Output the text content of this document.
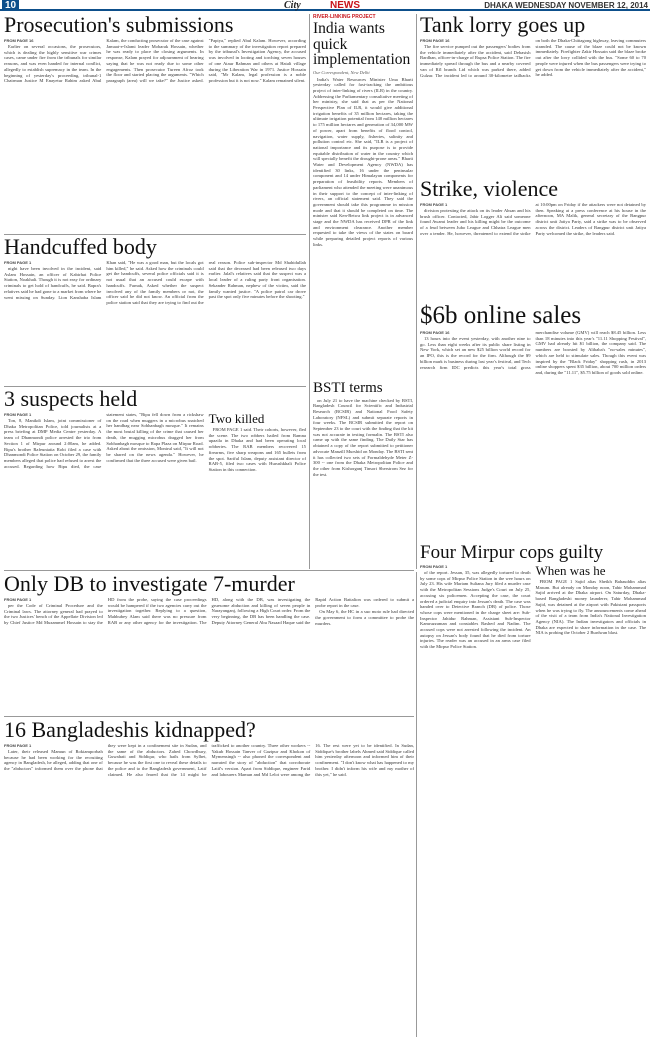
10	City	NEWS	DHAKA WEDNESDAY NOVEMBER 12, 2014
Prosecution's submissions
FROM PAGE 16

Earlier on several occasions, the prosecutors, which is dealing the highly sensitive war crimes cases, came under fire from the tribunals for similar reasons, and was even handed for internal conflict, allegedly to establish supremacy in the team. In the beginning of yesterday's proceeding, tribunal-1 Chairman Justice M Enayetur Rahim asked Abul Kalam, the conducting prosecutor of the case against Jamaat-e-Islami leader Mobarak Hossain, whether he was ready to place the closing arguments. In response, Kalam prayed for adjournment of hearing saying that he was not ready due to some other engagements. Then prosecutor Tureen Afroz took the floor and started placing the arguments. "Which paragraph (area) will we take?" the Justice asked. "Papiya," replied Abul Kalam. However, according to the summary of the investigation report prepared by the tribunal's Investigation Agency, the accused was involved in looting and torching seven houses of one Ataur Rahman and others at Hatali village during the Liberation War in 1971. Justice Hossain said, "Mr Kalam, legal profession is a noble profession but it is not now." Kalam remained silent.

RIVER-LINKING PROJECT
India wants quick implementation
Our Correspondent, New Delhi

India's Water Resources Minister Uma Bharti yesterday called for fast-tracking the ambitious project of inter-linking of rivers (ILR) in the country. Addressing the Parliamentary consultative meeting of her ministry, she said that as per the National Perspective Plan of ILR, it would give additional irrigation benefits of 35 million hectares, taking the ultimate irrigation potential from 140 million hectares to 175 million hectares and generation of 34,000 MW of power, apart from benefits of flood control, navigation, water supply, fisheries, salinity and pollution control etc. She said, "ILR is a project of national importance and its purpose is to provide equitable distribution of water in the country which will specially benefit the drought-prone areas." Bharti Water and Development Agency (NWDA) has identified 30 links, 16 under the peninsular component and 14 under Himalayan components for preparation of feasibility reports. Members of parliament who attended the meeting were unanimous in their support to the concept of inter-linking of rivers, an official statement said. They said the government should take this programme in mission mode and that it should be completed on time. The minister said Ken-Betwa link project is in advanced stage and the NWDA has received DPR of the link and environment clearance. Another member requested to take the views of the states on board while preparing detailed project reports of various links.

BSTI terms

on July 21 to have the machine checked by BSTI, Bangladesh Council for Scientific and Industrial Research (BCSIR) and National Food Safety Laboratory (NFSL) and submit separate reports in four weeks. The BCSIR submitted the report on September 23 to the court with the finding that the kit was not accurate in testing formalin. The BSTI also came up with the same finding. The Daily Star has obtained a copy of the report submitted to petitioner advocate Manzill Murshid on Monday. The BSTI sent it has collected two sets of Formaldehyde Meter Z-300 -- one from the Dhaka Metropolitan Police and the other from Kishorganj Tinsori Sherstrom Sez for the test.

Tank lorry goes up
FROM PAGE 16

The fire service pumped out the passengers' bodies from the vehicle immediately after the accident, said Debasish Bardhan, officer-in-charge of Rupsa Police Station. The fire immediately spread through the bus and a nearby covered van of Rfl brands Ltd which was parked there, added Gulzar. The incident led to around 30-kilometre tailbacks on both the Dhaka-Chittagong highway, leaving commuters stranded. The cause of the blaze could not be known immediately. Firefighter Zakir Hossain said the blaze broke out after the lorry collided with the bus. "Some 60 to 70 people were injured when the bus passengers were trying to get down from the vehicle immediately after the accident," he added.

Strike, violence
FROM PAGE 1

division protesting the attack on its leader Ahsan and his brush officer. Contacted, Jabir Logger Ali said someone found Awami leader and his killing might be the outcome of a feud between Jubo League and Chhatra League men over a tender. He, however, threatened to extend the strike at 10:00pm on Friday if the attackers were not detained by then. Speaking at a press conference at his house in the afternoon, MA Malik, general secretary of the Bangpur district unit Jatiya Party, said a strike was to be observed across the district. Leaders of Bangpur district unit Jatiya Party welcomed the strike, the leaders said.

$6b online sales
FROM PAGE 16

13 hours into the event yesterday, with another nine to go. Less than eight weeks after its public share listing in New York, which set an new $25 billion world record for an IPO, this is the record for the firm. Although the $9 billion mark is business during last year's festival, and Tech research firm IDC predicts this year's total gross merchandise volume (GMV) will reach $8.45 billion. Less than 18 minutes into this year's "11.11 Shopping Festival", GMV had already hit $1 billion, the company said. The numbers are boosted by Alibaba's "no-sales minutes", which are held to stimulate sales. Though this event was inspired by the "Black Friday" shopping rush, in 2013 online shoppers spent $35 billion, about 700 million orders and, during the "11.11", $5.75 billion of goods sold online.

Four Mirpur cops guilty
FROM PAGE 1

of the report. Jessan, 35, was allegedly tortured to death by some cops of Mirpur Police Station in the wee hours on July 23. His wife Mariam Sultana Jury filed a murder case with the Metropolitan Sessions Judge's Court on July 25, accusing six policemen. Accepting the case, the court ordered a judicial enquiry into Jessan's death. The case was handed over to Detective Branch (DB) of police. Those whose cops were mentioned in the charge sheet are: Sub-Inspector Jahidur Rahman, Assistant Sub-Inspector Kamruzzaman and constables Rashed and Nadim. The accused cops were not arrested following the incident. An autopsy on Jessan's body found that he died from torture injuries. The reader was an accused in an arms case filed with the Mirpur Police Station.

When was he

FROM PAGE 1 Sajid alias Sheikh Bahauddin alias Masum. But already on Monday noon, Tahir Mohammad Sajid arrived at the Dhaka airport. On Saturday, Dhaka-based Bangladeshi money launderer, Tahir Mohammad Sajid, was detained at the airport with Pakistani passports when he was trying to fly. The announcements come ahead of the visit of a team from India's National Investigation Agency (NIA). The Indian investigators and officials in Dhaka are expected to share information in the case. The NIA is probing the October 2 Burdwan blast.

Handcuffed body
FROM PAGE 1

night have been involved in the incident, said Aslam Hossain, an officer of Kabirhat Police Station, Noakhali. Though it is not easy for ordinary criminals to get hold of handcuffs, he said. Bapra's relatives said he had gone to a market from where he went missing on Sunday. Lion Kanshaba Islam Khan said, "He was a good man, but the locals got him killed," he said. Asked how the criminals could get the handcuffs, several police officials said it is not usual that an accused could escape with handcuffs. Farnak, Asked whether the suspect involved any of the family members or not, the officer said he did not know. An official from the police station said that they are trying to find out the real reason. Police sub-inspector Md Shahidullah said that the deceased had been released two days earlier. Jalal's relatives said that the suspect was a local leader of a ruling party front organisation. Sekander Rahman, nephew of the victim, said the family wanted justice. "A police patrol car drove past the spot only five minutes before the shooting."

3 suspects held
FROM PAGE 1

Ton, 8, Manikdi Islam, joint commissioner of Dhaka Metropolitan Police, told journalists at a press briefing at DMP Media Centre yesterday. A team of Dhanmondi police arrested the trio from Section 1 of Mirpur around 2:00am, he added. Bipu's brother Rafeuniatia Robi filed a case with Dhanmondi Police Station on October 29, the family members alleged that police had refused to arrest the accused. Regarding how Bipu died, the case statement states, "Bipu fell down from a rickshaw on the road when muggers in a microbus snatched her handbag near Sobhanbagh mosque." It remains the most brutal killing of the crime that caused her death, the mugging microbus dragged her from Sobhanbagh mosque to Rapa Plaza on Mirpur Road. Asked about the omission, Monirul said, "It will not be shared on the news agenda." However, he confirmed that the three accused were given bail.

Two killed

FROM PAGE 1 said. Their cohorts, however, fled the scene. The two robbers hailed from Ramna upazila in Dhaka and had been operating local robberies. The RAB members recovered 15 firearms, five sharp weapons and 165 bullets from the spot. Sariful Islam, deputy assistant director of RAB-5, filed two cases with Hurushkhali Police Station in this connection.

Only DB to investigate 7-murder
FROM PAGE 1

per the Code of Criminal Procedure and the Criminal laws. The attorney general had prayed to the two Justices' bench of the Appellate Division led by Chief Justice Md Muzammel Hossain to stay the HD from the probe, saying the case proceedings would be hampered if the two agencies carry out the investigation together. Replying to a question, Mahbubey Alam said there was no pressure from RAB or any other agency for the investigation. The HD, along with the DB, was investigating the gruesome abduction and killing of seven people in Narayanganj, following a High Court order. From the very beginning, the DB has been handling the case. Deputy Attorney General Abu Nasaad Haque said the Rapid Action Battalion was ordered to submit a probe report in the case.

On May 6, the HC in a suo moto rule had directed the government to form a committee to probe the murders.

16 Bangladeshis kidnapped?
FROM PAGE 1

Later, their released Mamun of Rokiamporbah because he had been working for the recruiting agency in Bangladesh, he alleged, adding that one of the "abductors" informed them over the phone that they were kept in a confinement site in Sudan, and the same of the abductors. Zahed Chowdhury, Guwahati and Siddiqur, who hails from Sylhet, because he was the first one to reveal these details to the police and to the Bangladesh government, Latif claimed. He also feared that the 14 might be trafficked to another country. Three other workers -- Yakub Hossain Tanver of Gazipur and Khokon of Mymensingh -- also phoned the correspondent and narrated the story of "abduction" that corroborate Latif's version. Apart from Siddique, engineer Farid and labourers Mamun and Md Lelot were among the 16. The rest were yet to be identified. In Sudan, Siddique's brother labels Ahmed said Siddique called him yesterday afternoon and informed him of their confinement. "I don't know what has happened to my brother. I didn't inform his wife and my mother of this yet," he said.
